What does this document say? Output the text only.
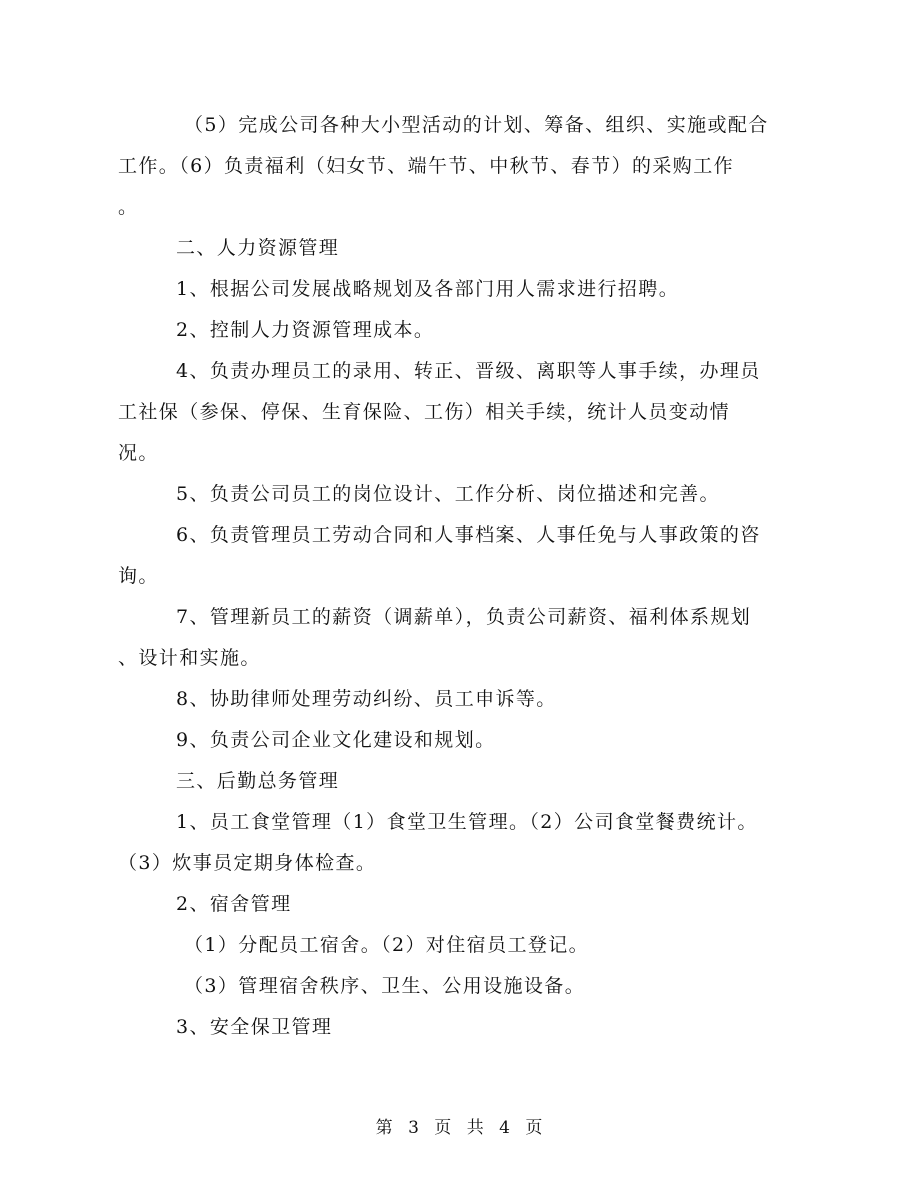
（5）完成公司各种大小型活动的计划、筹备、组织、实施或配合
工作。（6）负责福利（妇女节、端午节、中秋节、春节）的采购工作
。
二、人力资源管理
1、根据公司发展战略规划及各部门用人需求进行招聘。
2、控制人力资源管理成本。
4、负责办理员工的录用、转正、晋级、离职等人事手续，办理员
工社保（参保、停保、生育保险、工伤）相关手续，统计人员变动情
况。
5、负责公司员工的岗位设计、工作分析、岗位描述和完善。
6、负责管理员工劳动合同和人事档案、人事任免与人事政策的咨
询。
7、管理新员工的薪资（调薪单），负责公司薪资、福利体系规划
、设计和实施。
8、协助律师处理劳动纠纷、员工申诉等。
9、负责公司企业文化建设和规划。
三、后勤总务管理
1、员工食堂管理（1）食堂卫生管理。（2）公司食堂餐费统计。
（3）炊事员定期身体检查。
2、宿舍管理
（1）分配员工宿舍。（2）对住宿员工登记。
（3）管理宿舍秩序、卫生、公用设施设备。
3、安全保卫管理
第 3 页 共 4 页
